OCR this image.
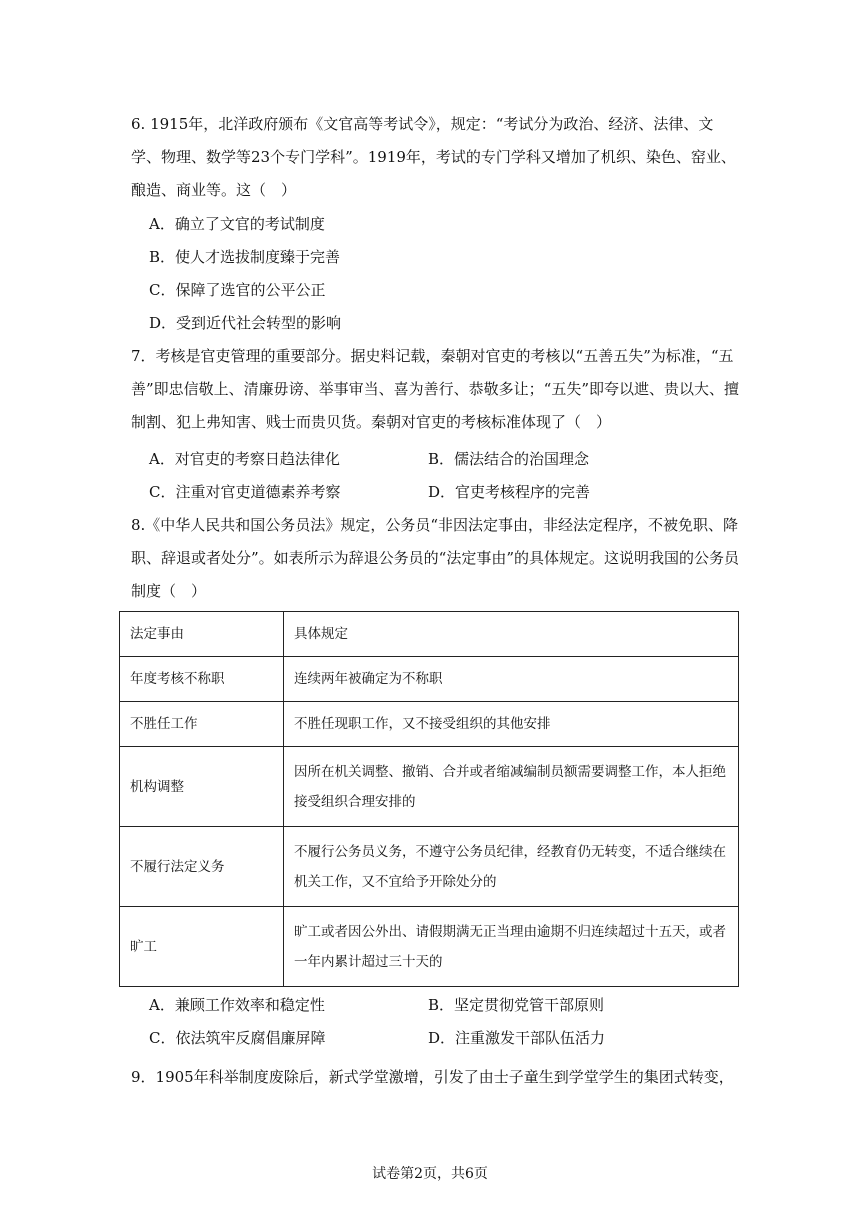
6. 1915年，北洋政府颁布《文官高等考试令》，规定：“考试分为政治、经济、法律、文学、物理、数学等23个专门学科”。1919年，考试的专门学科又增加了机织、染色、窑业、酿造、商业等。这（　）
A．确立了文官的考试制度
B．使人才选拔制度臻于完善
C．保障了选官的公平公正
D．受到近代社会转型的影响
7．考核是官吏管理的重要部分。据史料记载，秦朝对官吏的考核以“五善五失”为标准，“五善”即忠信敬上、清廉毋谤、举事审当、喜为善行、恭敬多让；“五失”即夸以迣、贵以大、擅制割、犯上弗知害、贱士而贵贝货。秦朝对官吏的考核标准体现了（　）
A．对官吏的考察日趋法律化	B．儒法结合的治国理念
C．注重对官吏道德素养考察	D．官吏考核程序的完善
8.《中华人民共和国公务员法》规定，公务员“非因法定事由，非经法定程序，不被免职、降职、辞退或者处分”。如表所示为辞退公务员的“法定事由”的具体规定。这说明我国的公务员制度（　）
法定事由	具体规定
年度考核不称职	连续两年被确定为不称职
不胜任工作	不胜任现职工作，又不接受组织的其他安排
机构调整	因所在机关调整、撤销、合并或者缩减编制员额需要调整工作，本人拒绝接受组织合理安排的
不履行法定义务	不履行公务员义务，不遵守公务员纪律，经教育仍无转变，不适合继续在机关工作，又不宜给予开除处分的
旷工	旷工或者因公外出、请假期满无正当理由逾期不归连续超过十五天，或者一年内累计超过三十天的
A．兼顾工作效率和稳定性	B．坚定贯彻党管干部原则
C．依法筑牢反腐倡廉屏障	D．注重激发干部队伍活力
9．1905年科举制度废除后，新式学堂激增，引发了由士子童生到学堂学生的集团式转变，
试卷第2页，共6页
